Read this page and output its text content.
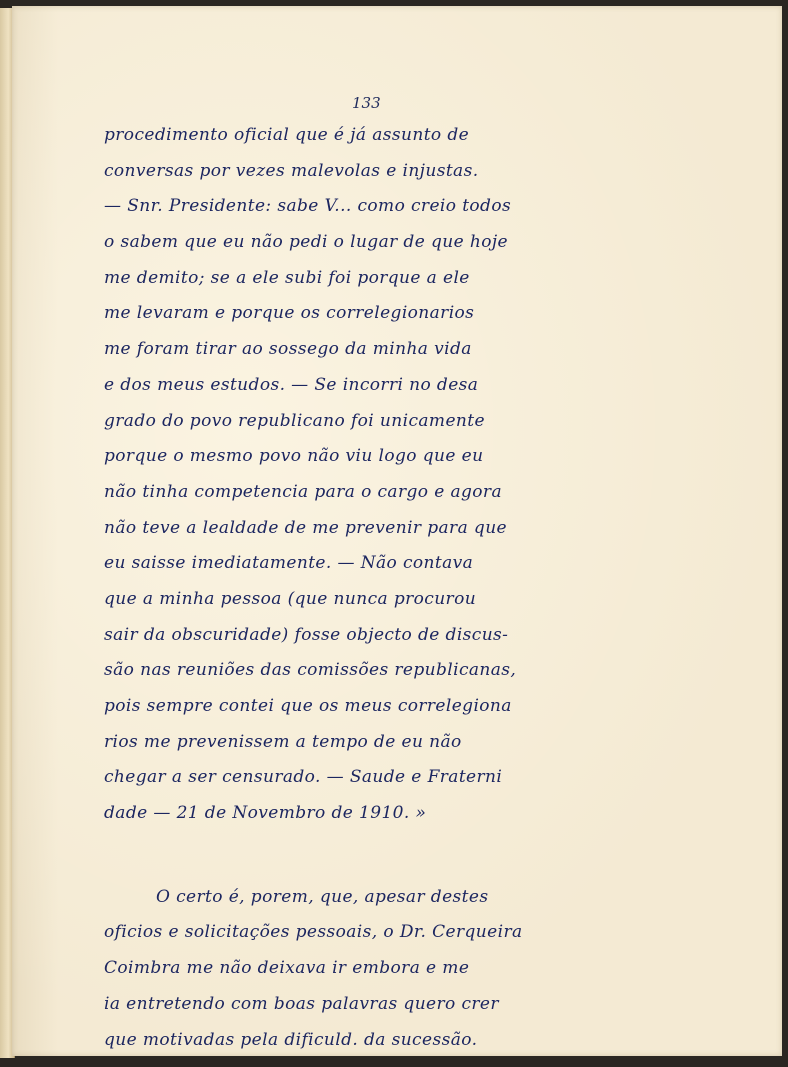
133
procedimento oficial que é já assunto de
conversas por vezes malevolas e injustas.
— Snr. Presidente: sabe V... como creio todos
o sabem que eu não pedi o lugar de que hoje
me demito; se a ele subi foi porque a ele
me levaram e porque os correlegionarios
me foram tirar ao sossego da minha vida
e dos meus estudos. — Se incorri no desa
grado do povo republicano foi unicamente
porque o mesmo povo não viu logo que eu
não tinha competencia para o cargo e agora
não teve a lealdade de me prevenir para que
eu saisse imediatamente. — Não contava
que a minha pessoa (que nunca procurou
sair da obscuridade) fosse objecto de discus-
são nas reuniões das comissões republicanas,
pois sempre contei que os meus correlegiona
rios me prevenissem a tempo de eu não
chegar a ser censurado. — Saude e Fraterni
dade — 21 de Novembro de 1910. »
O certo é, porem, que, apesar destes
oficios e solicitações pessoais, o Dr. Cerqueira
Coimbra me não deixava ir embora e me
ia entretendo com boas palavras quero crer
que motivadas pela dificuld. da sucessão.
